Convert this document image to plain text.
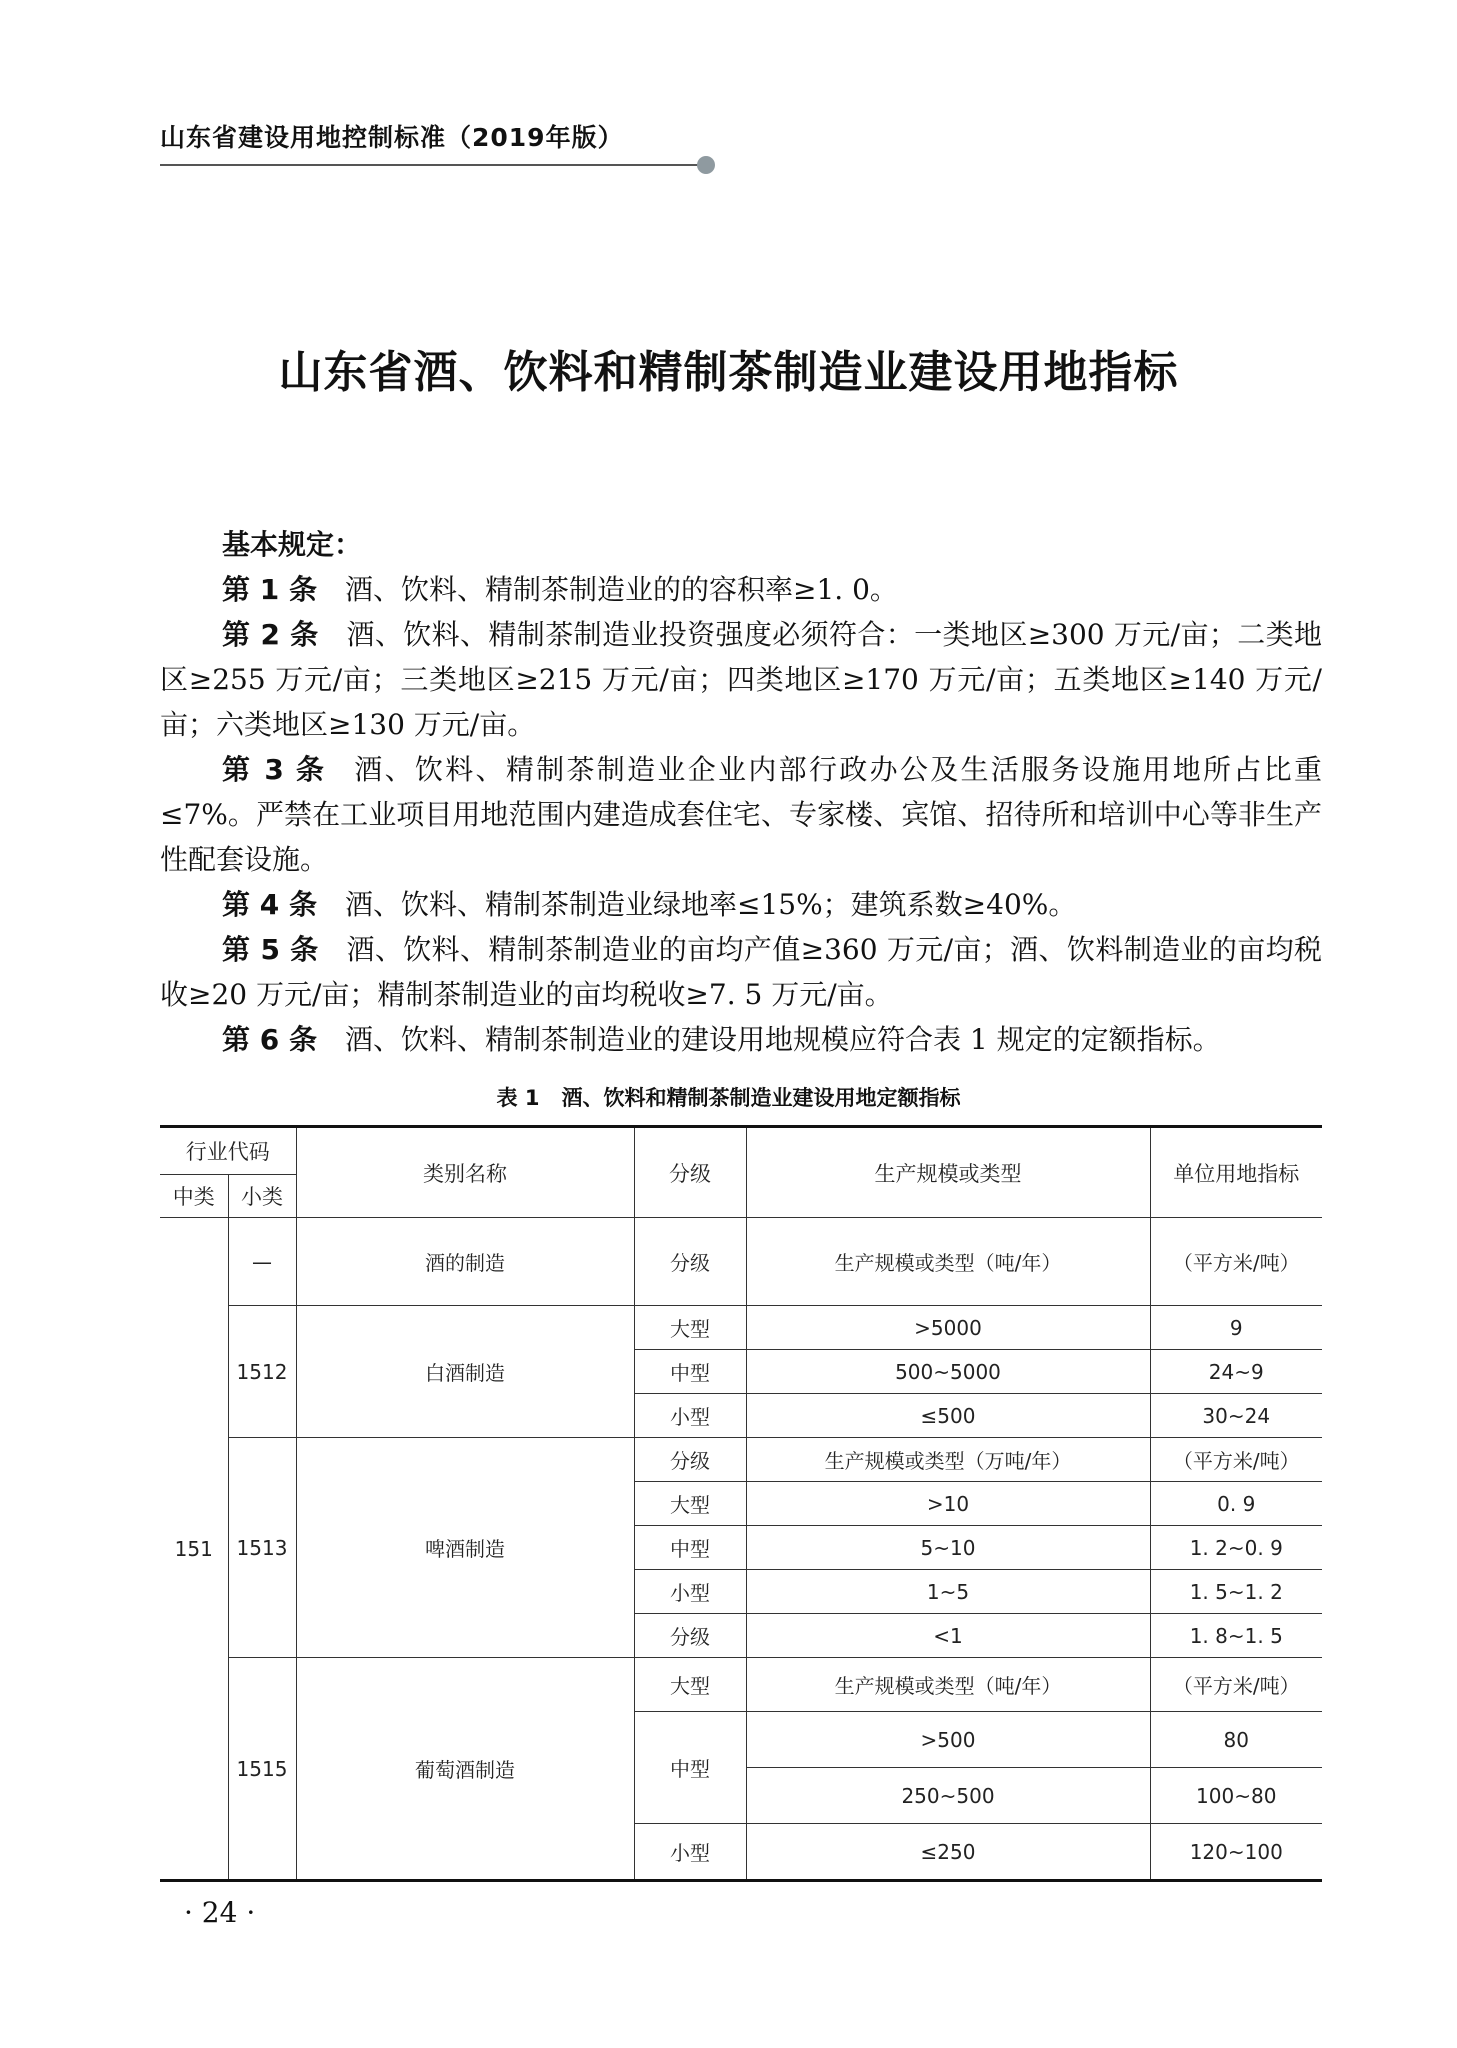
山东省建设用地控制标准（2019年版）
山东省酒、饮料和精制茶制造业建设用地指标

基本规定：

第 1 条 酒、饮料、精制茶制造业的的容积率≥1. 0。

第 2 条 酒、饮料、精制茶制造业投资强度必须符合：一类地区≥300 万元/亩；二类地区≥255 万元/亩；三类地区≥215 万元/亩；四类地区≥170 万元/亩；五类地区≥140 万元/亩；六类地区≥130 万元/亩。

第 3 条 酒、饮料、精制茶制造业企业内部行政办公及生活服务设施用地所占比重≤7%。严禁在工业项目用地范围内建造成套住宅、专家楼、宾馆、招待所和培训中心等非生产性配套设施。

第 4 条 酒、饮料、精制茶制造业绿地率≤15%；建筑系数≥40%。

第 5 条 酒、饮料、精制茶制造业的亩均产值≥360 万元/亩；酒、饮料制造业的亩均税收≥20 万元/亩；精制茶制造业的亩均税收≥7. 5 万元/亩。

第 6 条 酒、饮料、精制茶制造业的建设用地规模应符合表 1 规定的定额指标。

表 1 酒、饮料和精制茶制造业建设用地定额指标
行业代码		类别名称	分级	生产规模或类型	单位用地指标
中类	小类				
151	—	酒的制造	分级	生产规模或类型（吨/年）	（平方米/吨）
	1512	白酒制造	大型	>5000	9
			中型	500~5000	24~9
			小型	≤500	30~24
	1513	啤酒制造	分级	生产规模或类型（万吨/年）	（平方米/吨）
			大型	>10	0. 9
			中型	5~10	1. 2~0. 9
			小型	1~5	1. 5~1. 2
			分级	<1	1. 8~1. 5
	1515	葡萄酒制造	大型	生产规模或类型（吨/年）	（平方米/吨）
			中型	>500	80
				250~500	100~80
			小型	≤250	120~100
· 24 ·
